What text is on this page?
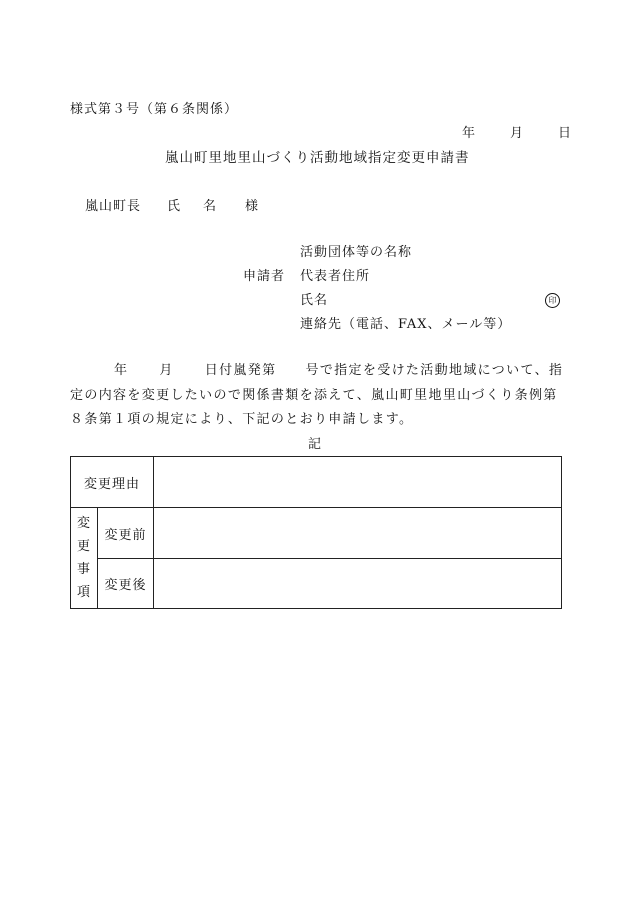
様式第３号（第６条関係）
年	月	日
嵐山町里地里山づくり活動地域指定変更申請書
嵐山町長 氏 名 様
申請者
活動団体等の名称
代表者住所
氏名
連絡先（電話、FAX、メール等）
印
年 月 日付嵐発第 号で指定を受けた活動地域について、指
定の内容を変更したいので関係書類を添えて、嵐山町里地里山づくり条例第
８条第１項の規定により、下記のとおり申請します。
記
変更理由		

変
更
事
項	変更前	
	変更後	
